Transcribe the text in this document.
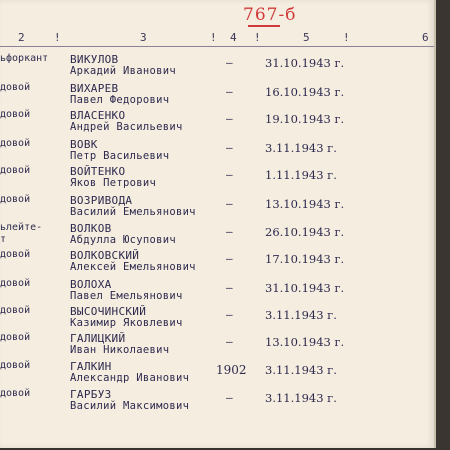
767-б
2	!	3	! 4 !	5	!	6
ьфоркант	ВИКУЛОВ
Аркадий Иванович
—	31.10.1943 г.
довой	ВИХАРЕВ
Павел Федорович
—	16.10.1943 г.
довой	ВЛАСЕНКО
Андрей Васильевич
—	19.10.1943 г.
довой	ВОВК
Петр Васильевич
—	3.11.1943 г.
довой	ВОЙТЕНКО
Яков Петрович
—	1.11.1943 г.
довой	ВОЗРИВОДА
Василий Емельянович
—	13.10.1943 г.
ьлейте-
т
ВОЛКОВ
Абдулла Юсупович
—	26.10.1943 г.
довой	ВОЛКОВСКИЙ
Алексей Емельянович
—	17.10.1943 г.
довой	ВОЛОХА
Павел Емельянович
—	31.10.1943 г.
довой	ВЫСОЧИНСКИЙ
Казимир Яковлевич
—	3.11.1943 г.
довой	ГАЛИЦКИЙ
Иван Николаевич
—	13.10.1943 г.
довой	ГАЛКИН
Александр Иванович
1902 3.11.1943 г.
довой	ГАРБУЗ
Василий Максимович
—	3.11.1943 г.
